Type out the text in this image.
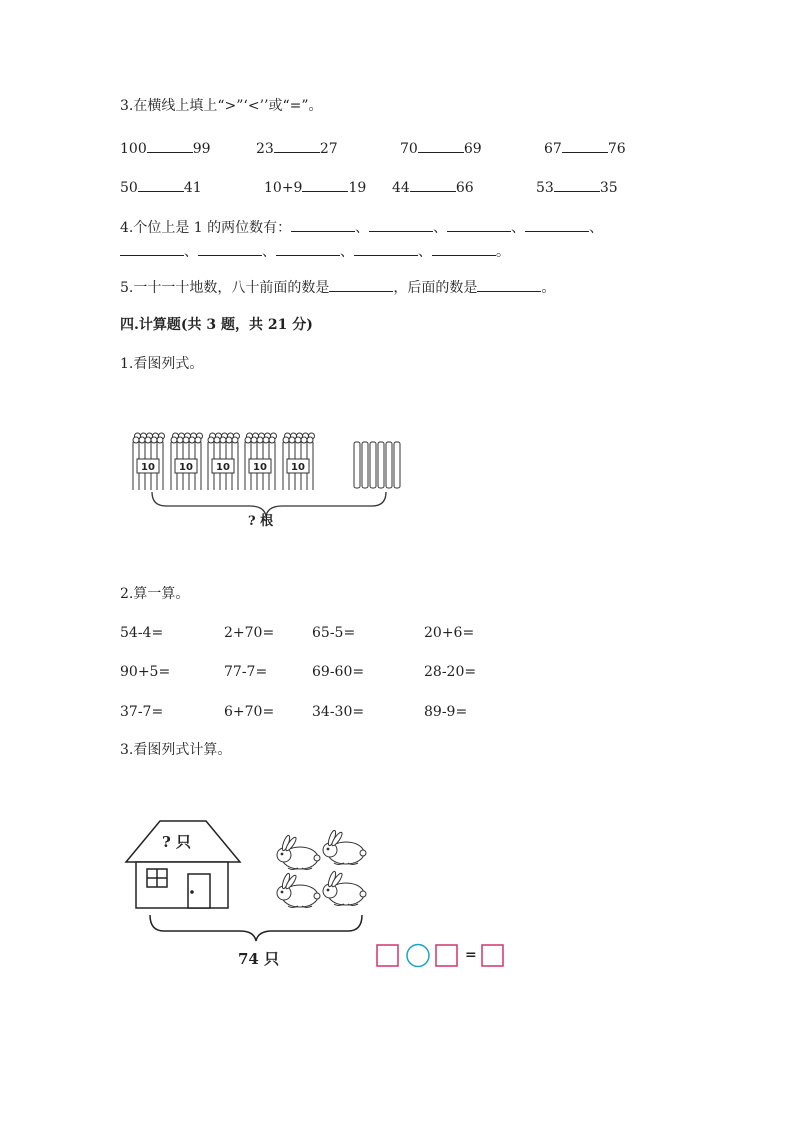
3.在横线上填上“>”‘<’’或“=”。
100	99	23	27	70	69	67	76
50	41	10+9	19 44	66	53	35
4.个位上是 1 的两位数有：	、	、	、	、
、	、	、	、	。
5.一十一十地数，八十前面的数是	，后面的数是	。
四.计算题(共 3 题，共 21 分)
1.看图列式。
10 10 10 10 10
? 根
2.算一算。
54-4=	2+70=	65-5=	20+6=
90+5=	77-7=	69-60=	28-20=
37-7=	6+70=	34-30=	89-9=
3.看图列式计算。
? 只
74 只	=
